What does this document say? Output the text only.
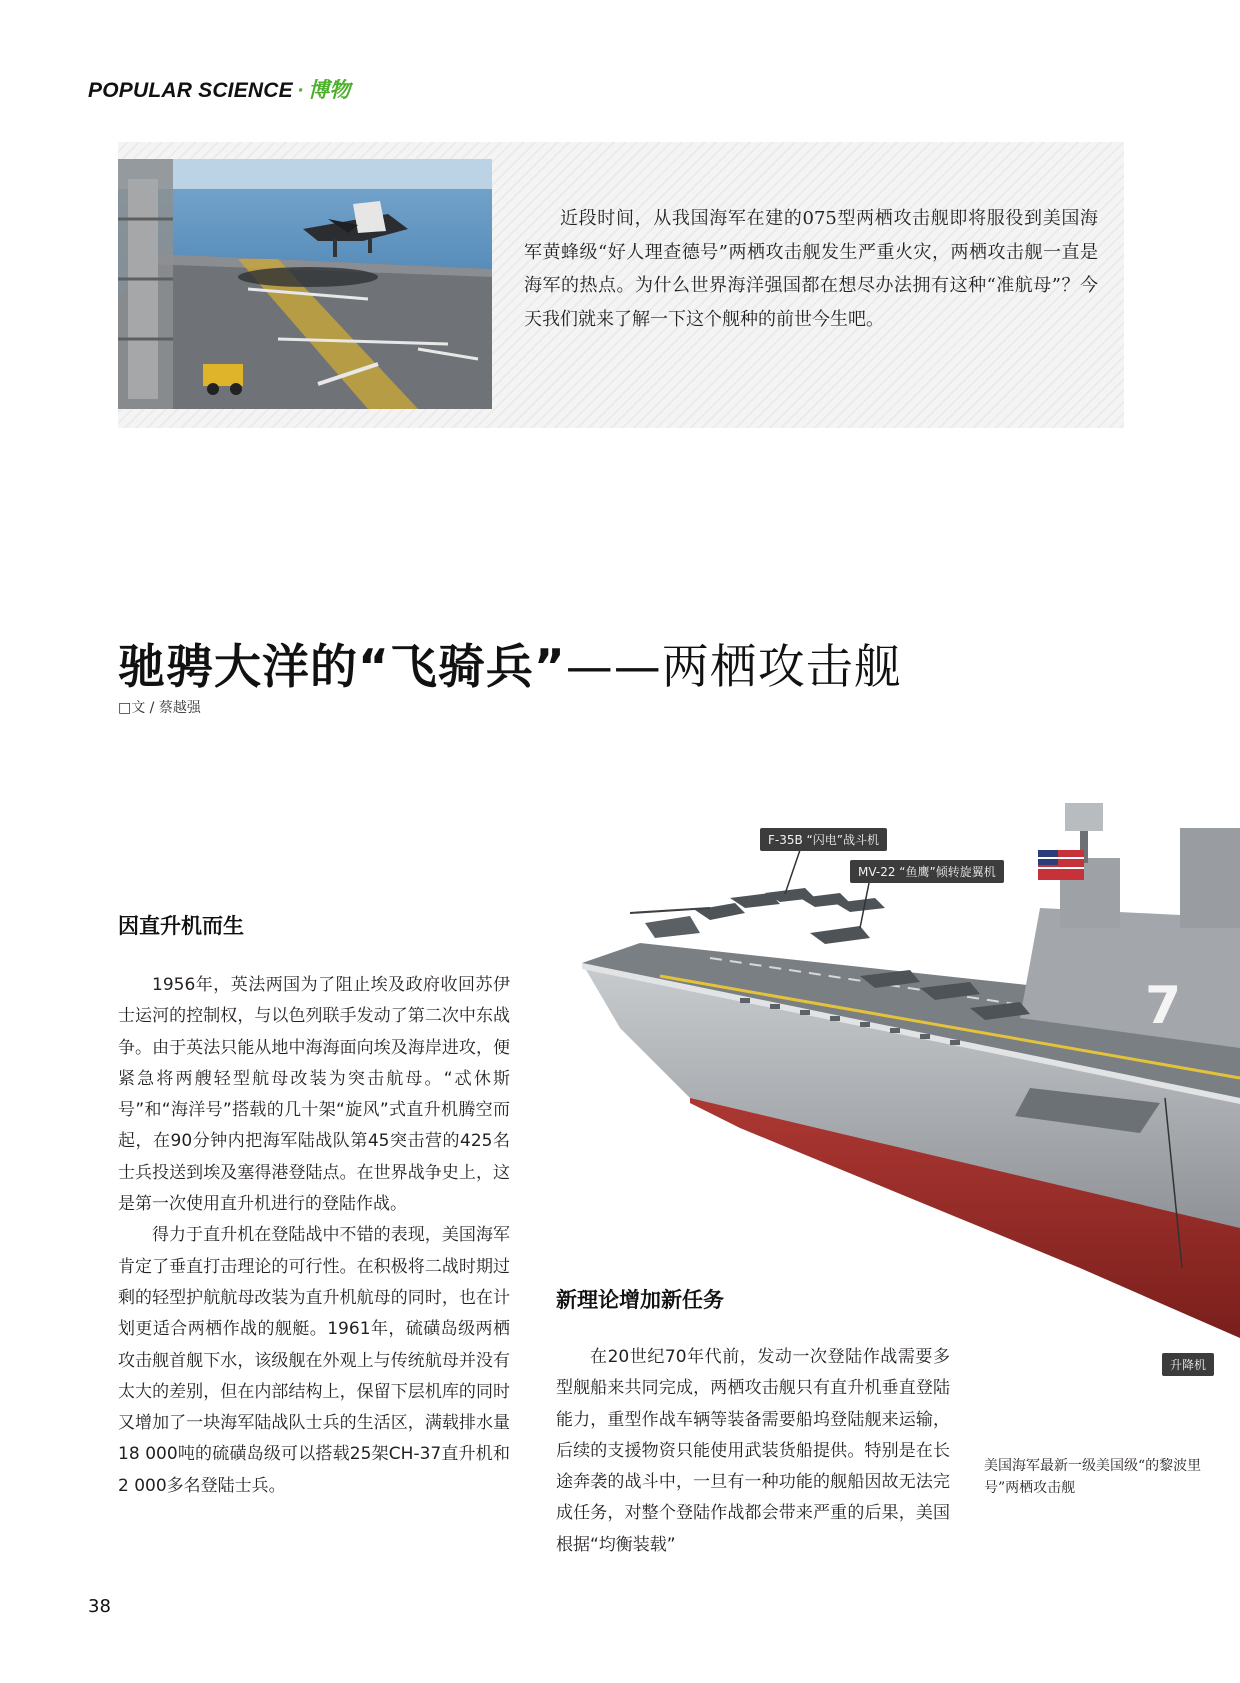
POPULAR SCIENCE · 博物
近段时间，从我国海军在建的075型两栖攻击舰即将服役到美国海军黄蜂级“好人理查德号”两栖攻击舰发生严重火灾，两栖攻击舰一直是海军的热点。为什么世界海洋强国都在想尽办法拥有这种“准航母”？今天我们就来了解一下这个舰种的前世今生吧。
驰骋大洋的“飞骑兵”——两栖攻击舰
□文 / 蔡越强
7
F-35B “闪电”战斗机
MV-22 “鱼鹰”倾转旋翼机
升降机
因直升机而生

1956年，英法两国为了阻止埃及政府收回苏伊士运河的控制权，与以色列联手发动了第二次中东战争。由于英法只能从地中海海面向埃及海岸进攻，便紧急将两艘轻型航母改装为突击航母。“忒休斯号”和“海洋号”搭载的几十架“旋风”式直升机腾空而起，在90分钟内把海军陆战队第45突击营的425名士兵投送到埃及塞得港登陆点。在世界战争史上，这是第一次使用直升机进行的登陆作战。

得力于直升机在登陆战中不错的表现，美国海军肯定了垂直打击理论的可行性。在积极将二战时期过剩的轻型护航航母改装为直升机航母的同时，也在计划更适合两栖作战的舰艇。1961年，硫磺岛级两栖攻击舰首舰下水，该级舰在外观上与传统航母并没有太大的差别，但在内部结构上，保留下层机库的同时又增加了一块海军陆战队士兵的生活区，满载排水量18 000吨的硫磺岛级可以搭载25架CH-37直升机和2 000多名登陆士兵。

新理论增加新任务

在20世纪70年代前，发动一次登陆作战需要多型舰船来共同完成，两栖攻击舰只有直升机垂直登陆能力，重型作战车辆等装备需要船坞登陆舰来运输，后续的支援物资只能使用武装货船提供。特别是在长途奔袭的战斗中，一旦有一种功能的舰船因故无法完成任务，对整个登陆作战都会带来严重的后果，美国根据“均衡装载”

美国海军最新一级美国级“的黎波里号”两栖攻击舰
38
